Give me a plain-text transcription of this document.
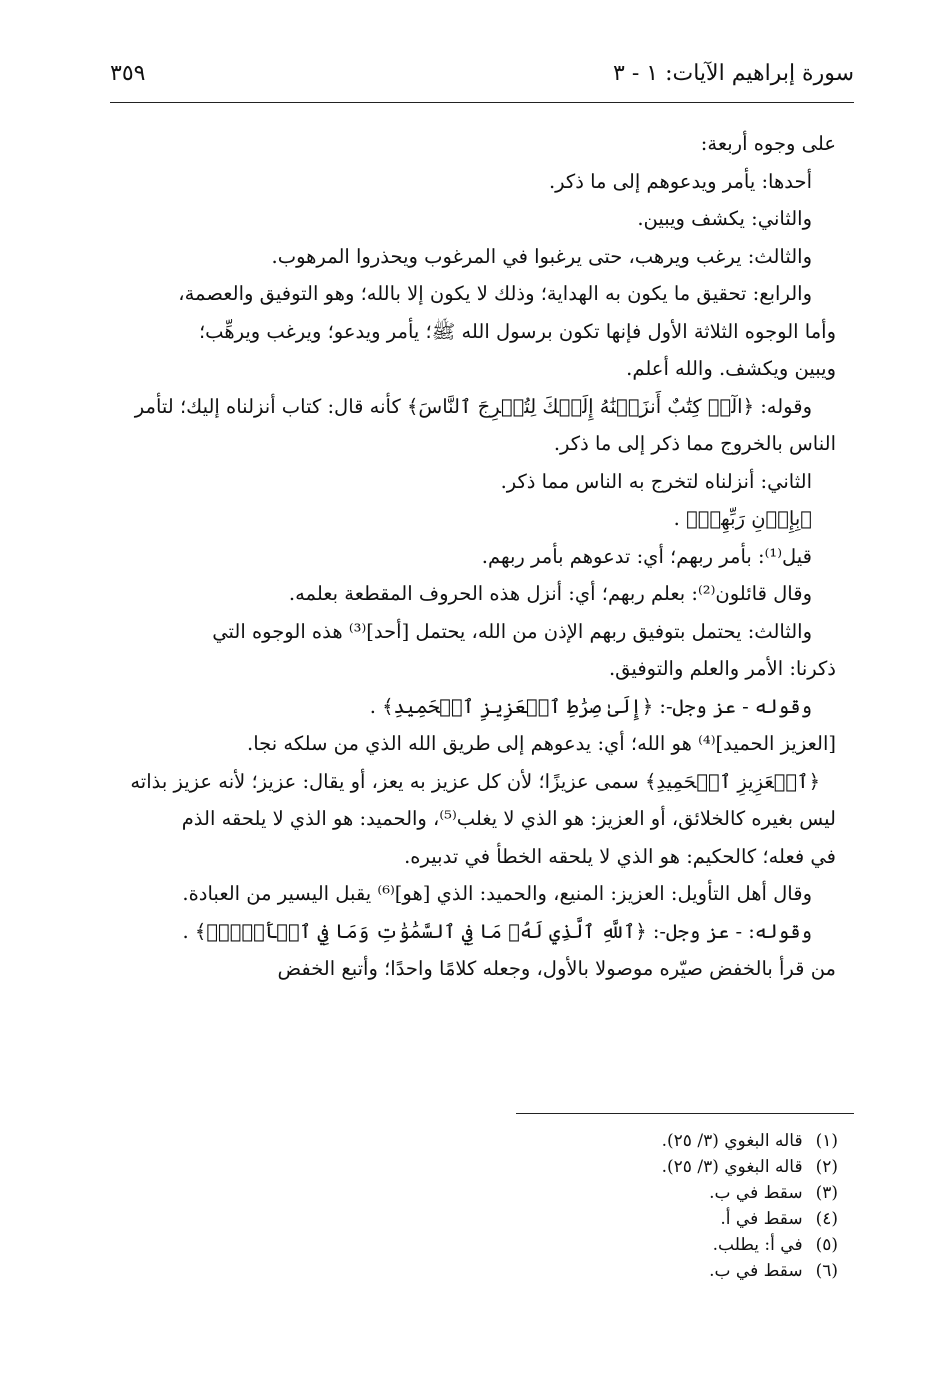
سورة إبراهيم الآيات: ١ - ٣
٣٥٩

على وجوه أربعة:

أحدها: يأمر ويدعوهم إلى ما ذكر.

والثاني: يكشف ويبين.

والثالث: يرغب ويرهب، حتى يرغبوا في المرغوب ويحذروا المرهوب.

والرابع: تحقيق ما يكون به الهداية؛ وذلك لا يكون إلا بالله؛ وهو التوفيق والعصمة،

وأما الوجوه الثلاثة الأول فإنها تكون برسول الله ﷺ؛ يأمر ويدعو؛ ويرغب ويرهِّب؛

ويبين ويكشف. والله أعلم.

وقوله: ﴿الٓرۚ كِتَٰبٌ أَنزَلۡنَٰهُ إِلَيۡكَ لِتُخۡرِجَ ٱلنَّاسَ﴾ كأنه قال: كتاب أنزلناه إليك؛ لتأمر

الناس بالخروج مما ذكر إلى ما ذكر.

الثاني: أنزلناه لتخرج به الناس مما ذكر.

﴿بِإِذۡنِ رَبِّهِمۡ﴾ .

قيل⁽¹⁾: بأمر ربهم؛ أي: تدعوهم بأمر ربهم.

وقال قائلون⁽²⁾: بعلم ربهم؛ أي: أنزل هذه الحروف المقطعة بعلمه.

والثالث: يحتمل بتوفيق ربهم الإذن من الله، يحتمل [أحد]⁽³⁾ هذه الوجوه التي

ذكرنا: الأمر والعلم والتوفيق.

وقوله - عز وجل-: ﴿إِلَىٰ صِرَٰطِ ٱلۡعَزِيزِ ٱلۡحَمِيدِ﴾ .

[العزيز الحميد]⁽⁴⁾ هو الله؛ أي: يدعوهم إلى طريق الله الذي من سلكه نجا.

﴿ٱلۡعَزِيزِ ٱلۡحَمِيدِ﴾ سمى عزيزًا؛ لأن كل عزيز به يعز، أو يقال: عزيز؛ لأنه عزيز بذاته

ليس بغيره كالخلائق، أو العزيز: هو الذي لا يغلب⁽⁵⁾، والحميد: هو الذي لا يلحقه الذم

في فعله؛ كالحكيم: هو الذي لا يلحقه الخطأ في تدبيره.

وقال أهل التأويل: العزيز: المنيع، والحميد: الذي [هو]⁽⁶⁾ يقبل اليسير من العبادة.

وقوله: - عز وجل-: ﴿ٱللَّهِ ٱلَّذِي لَهُۥ مَا فِي ٱلسَّمَٰوَٰتِ وَمَا فِي ٱلۡأَرۡضِۗ﴾ .

من قرأ بالخفض صيّره موصولا بالأول، وجعله كلامًا واحدًا؛ وأتبع الخفض

(١) قاله البغوي (٣/ ٢٥).

(٢) قاله البغوي (٣/ ٢٥).

(٣) سقط في ب.

(٤) سقط في أ.

(٥) في أ: يطلب.

(٦) سقط في ب.
